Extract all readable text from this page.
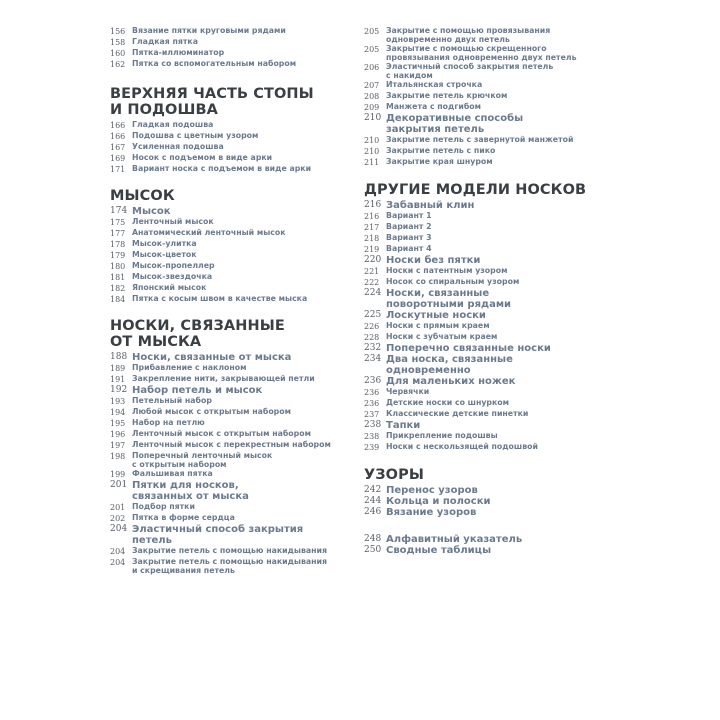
156 Вязание пятки круговыми рядами
158 Гладкая пятка
160 Пятка-иллюминатор
162 Пятка со вспомогательным набором
ВЕРХНЯЯ ЧАСТЬ СТОПЫ
И ПОДОШВА
166 Гладкая подошва
166 Подошва с цветным узором
167 Усиленная подошва
169 Носок с подъемом в виде арки
171 Вариант носка с подъемом в виде арки
МЫСОК
174 Мысок
175 Ленточный мысок
177 Анатомический ленточный мысок
178 Мысок-улитка
179 Мысок-цветок
180 Мысок-пропеллер
181 Мысок-звездочка
182 Японский мысок
184 Пятка с косым швом в качестве мыска
НОСКИ, СВЯЗАННЫЕ
ОТ МЫСКА
188 Носки, связанные от мыска
189 Прибавление с наклоном
191 Закрепление нити, закрывающей петли
192 Набор петель и мысок
193 Петельный набор
194 Любой мысок с открытым набором
195 Набор на петлю
196 Ленточный мысок с открытым набором
197 Ленточный мысок с перекрестным набором
198 Поперечный ленточный мысок
с открытым набором
199 Фальшивая пятка
201 Пятки для носков,
связанных от мыска
201 Подбор пятки
202 Пятка в форме сердца
204 Эластичный способ закрытия петель
204 Закрытие петель с помощью накидывания
204 Закрытие петель с помощью накидывания
и скрещивания петель
205 Закрытие с помощью провязывания
одновременно двух петель
205 Закрытие с помощью скрещенного
провязывания одновременно двух петель
206 Эластичный способ закрытия петель
с накидом
207 Итальянская строчка
208 Закрытие петель крючком
209 Манжета с подгибом
210 Декоративные способы
закрытия петель
210 Закрытие петель с завернутой манжетой
210 Закрытие петель с пико
211 Закрытие края шнуром
ДРУГИЕ МОДЕЛИ НОСКОВ
216 Забавный клин
216 Вариант 1
217 Вариант 2
218 Вариант 3
219 Вариант 4
220 Носки без пятки
221 Носки с патентным узором
222 Носок со спиральным узором
224 Носки, связанные
поворотными рядами
225 Лоскутные носки
226 Носки с прямым краем
228 Носки с зубчатым краем
232 Поперечно связанные носки
234 Два носка, связанные
одновременно
236 Для маленьких ножек
236 Червячки
236 Детские носки со шнурком
237 Классические детские пинетки
238 Тапки
238 Прикрепление подошвы
239 Носки с нескользящей подошвой
УЗОРЫ
242 Перенос узоров
244 Кольца и полоски
246 Вязание узоров
248 Алфавитный указатель
250 Сводные таблицы
